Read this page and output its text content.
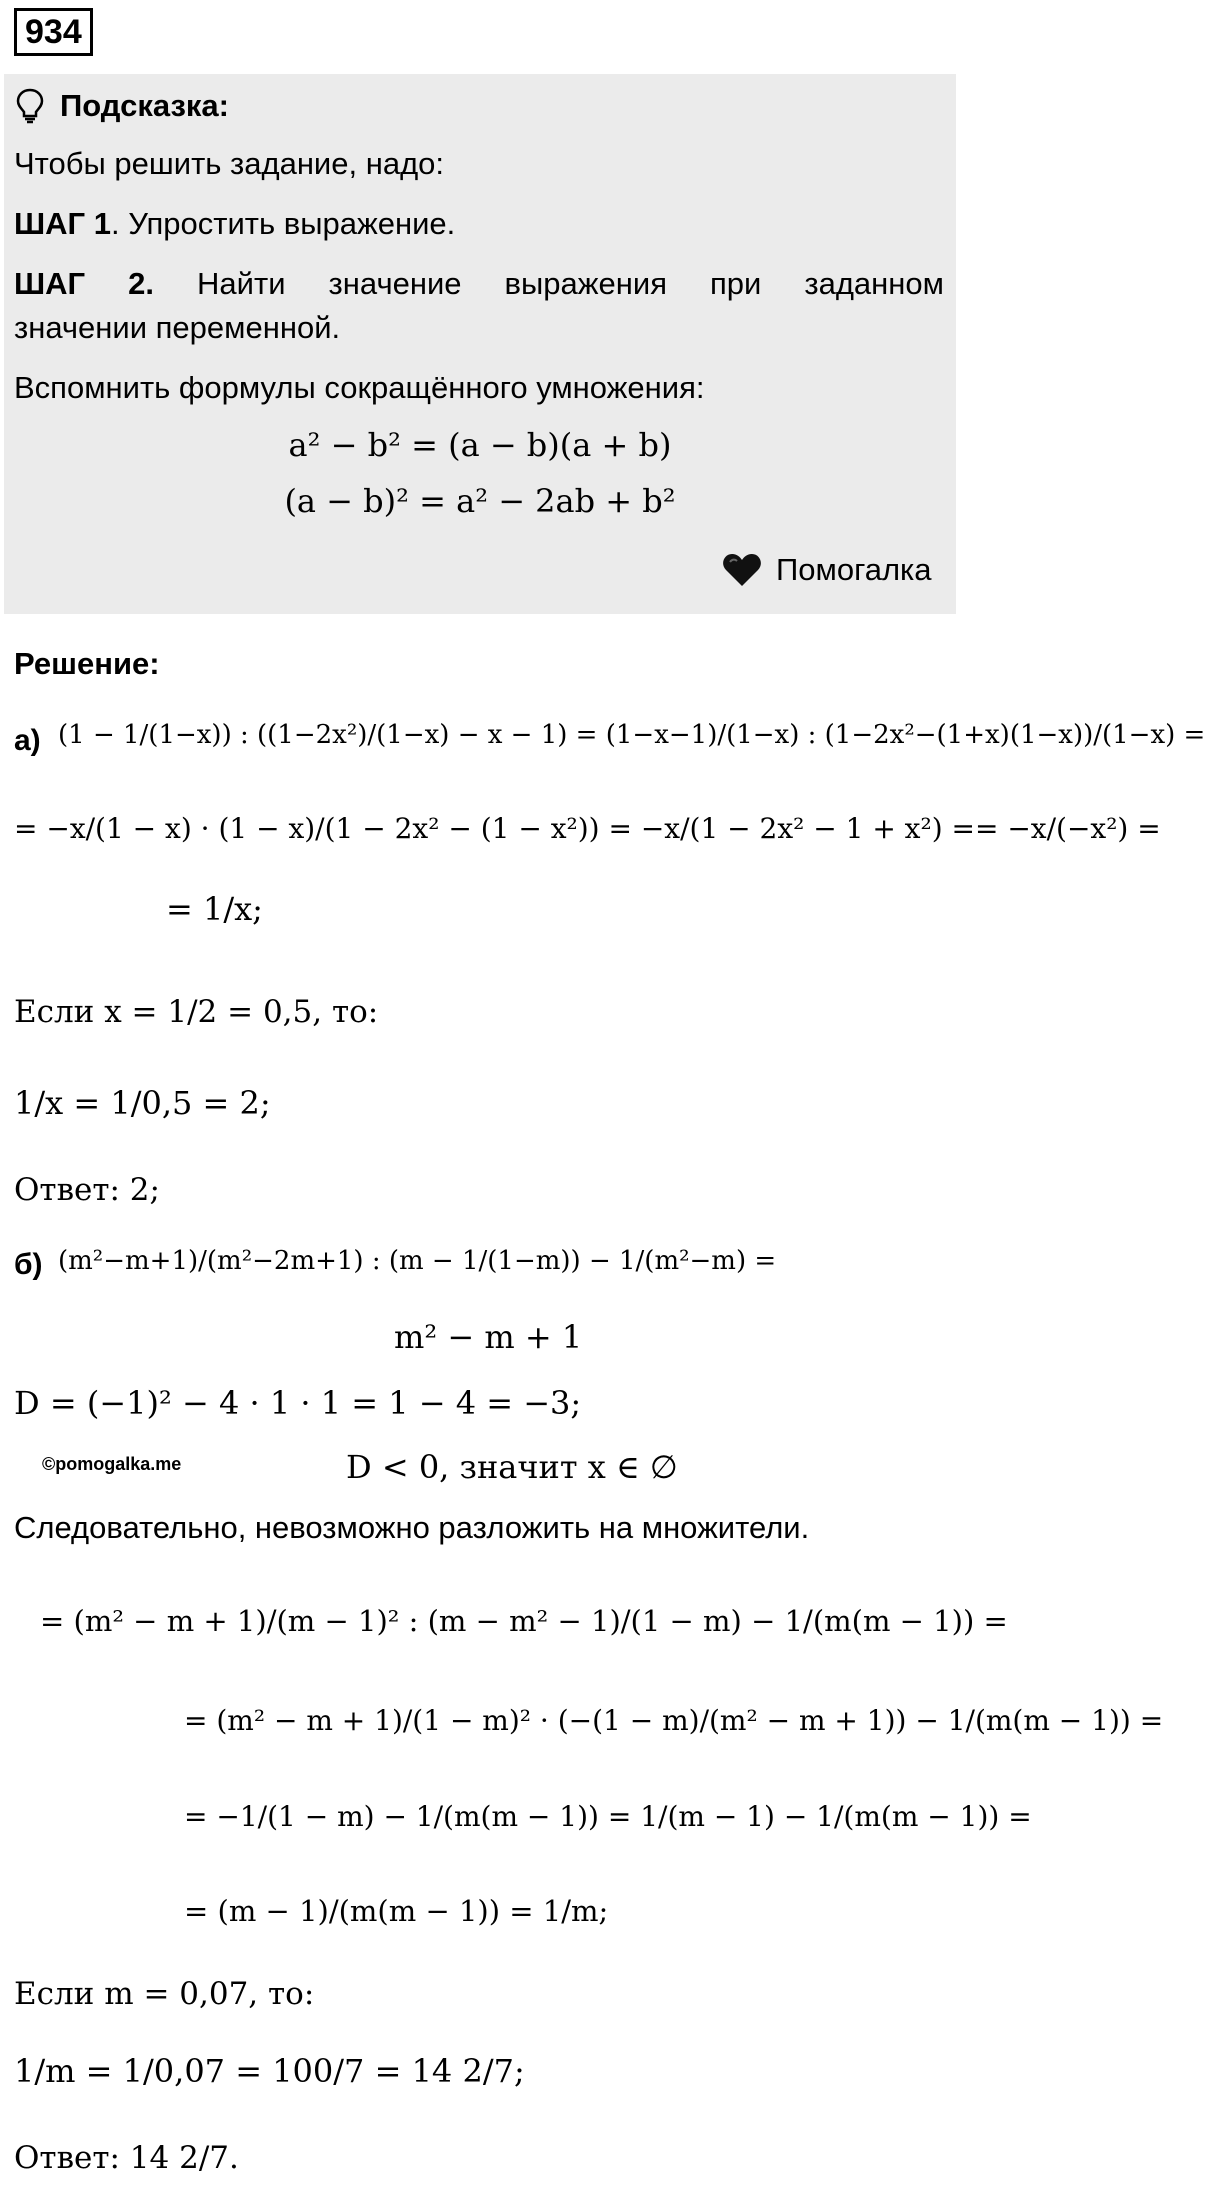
934
Подсказка:
Чтобы решить задание, надо:
ШАГ 1. Упростить выражение.
ШАГ 2. Найти значение выражения при заданном
значении переменной.
Вспомнить формулы сокращённого умножения:
a² − b² = (a − b)(a + b)
(a − b)² = a² − 2ab + b²
Помогалка
Решение:
а) (1 − 1/(1−x)) : ((1−2x²)/(1−x) − x − 1) = (1−x−1)/(1−x) : (1−2x²−(1+x)(1−x))/(1−x) =
= −x/(1 − x) · (1 − x)/(1 − 2x² − (1 − x²)) = −x/(1 − 2x² − 1 + x²) == −x/(−x²) =
= 1/x;
Если x = 1/2 = 0,5, то:
1/x = 1/0,5 = 2;
Ответ: 2;
б) (m²−m+1)/(m²−2m+1) : (m − 1/(1−m)) − 1/(m²−m) =
m² − m + 1
D = (−1)² − 4 · 1 · 1 = 1 − 4 = −3;
D < 0, значит x ∈ ∅
©pomogalka.me
Следовательно, невозможно разложить на множители.
= (m² − m + 1)/(m − 1)² : (m − m² − 1)/(1 − m) − 1/(m(m − 1)) =
= (m² − m + 1)/(1 − m)² · (−(1 − m)/(m² − m + 1)) − 1/(m(m − 1)) =
= −1/(1 − m) − 1/(m(m − 1)) = 1/(m − 1) − 1/(m(m − 1)) =
= (m − 1)/(m(m − 1)) = 1/m;
Если m = 0,07, то:
1/m = 1/0,07 = 100/7 = 14 2/7;
Ответ: 14 2/7.
